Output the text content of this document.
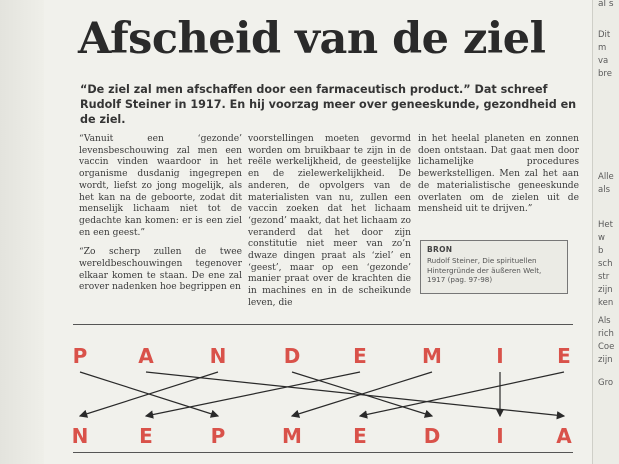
al s
Dit
m
va
bre
Alle
als
Het
w
b
sch
str
zijn
ken
Als
rich
Coe
zijn
Gro
Afscheid van de ziel
“De ziel zal men afschaffen door een farmaceutisch product.” Dat schreef Rudolf Steiner in 1917. En hij voorzag meer over geneeskunde, gezondheid en de ziel.

“Vanuit een ‘gezonde’ levensbeschouwing zal men een vaccin vinden waardoor in het organisme dusdanig ingegrepen wordt, liefst zo jong mogelijk, als het kan na de geboorte, zodat dit menselijk lichaam niet tot de gedachte kan komen: er is een ziel en een geest.”

“Zo scherp zullen de twee wereldbeschouwingen tegenover elkaar komen te staan. De ene zal erover nadenken hoe begrippen en

voorstellingen moeten gevormd worden om bruikbaar te zijn in de reële werkelijkheid, de geestelijke en de zielewerkelijkheid. De anderen, de opvolgers van de materialisten van nu, zullen een vaccin zoeken dat het lichaam ‘gezond’ maakt, dat het lichaam zo veranderd dat het door zijn constitutie niet meer van zo’n dwaze dingen praat als ‘ziel’ en ‘geest’, maar op een ‘gezonde’ manier praat over de krachten die in machines en in de scheikunde leven, die

in het heelal planeten en zonnen doen ontstaan. Dat gaat men door lichamelijke procedures bewerkstelligen. Men zal het aan de materialistische geneeskunde overlaten om de zielen uit de mensheid uit te drijven.”

BRON
Rudolf Steiner, Die spirituellen Hintergründe der äußeren Welt, 1917 (pag. 97-98)
P	A	N	D	E	M	I	E
N	E	P	M	E	D	I	A
